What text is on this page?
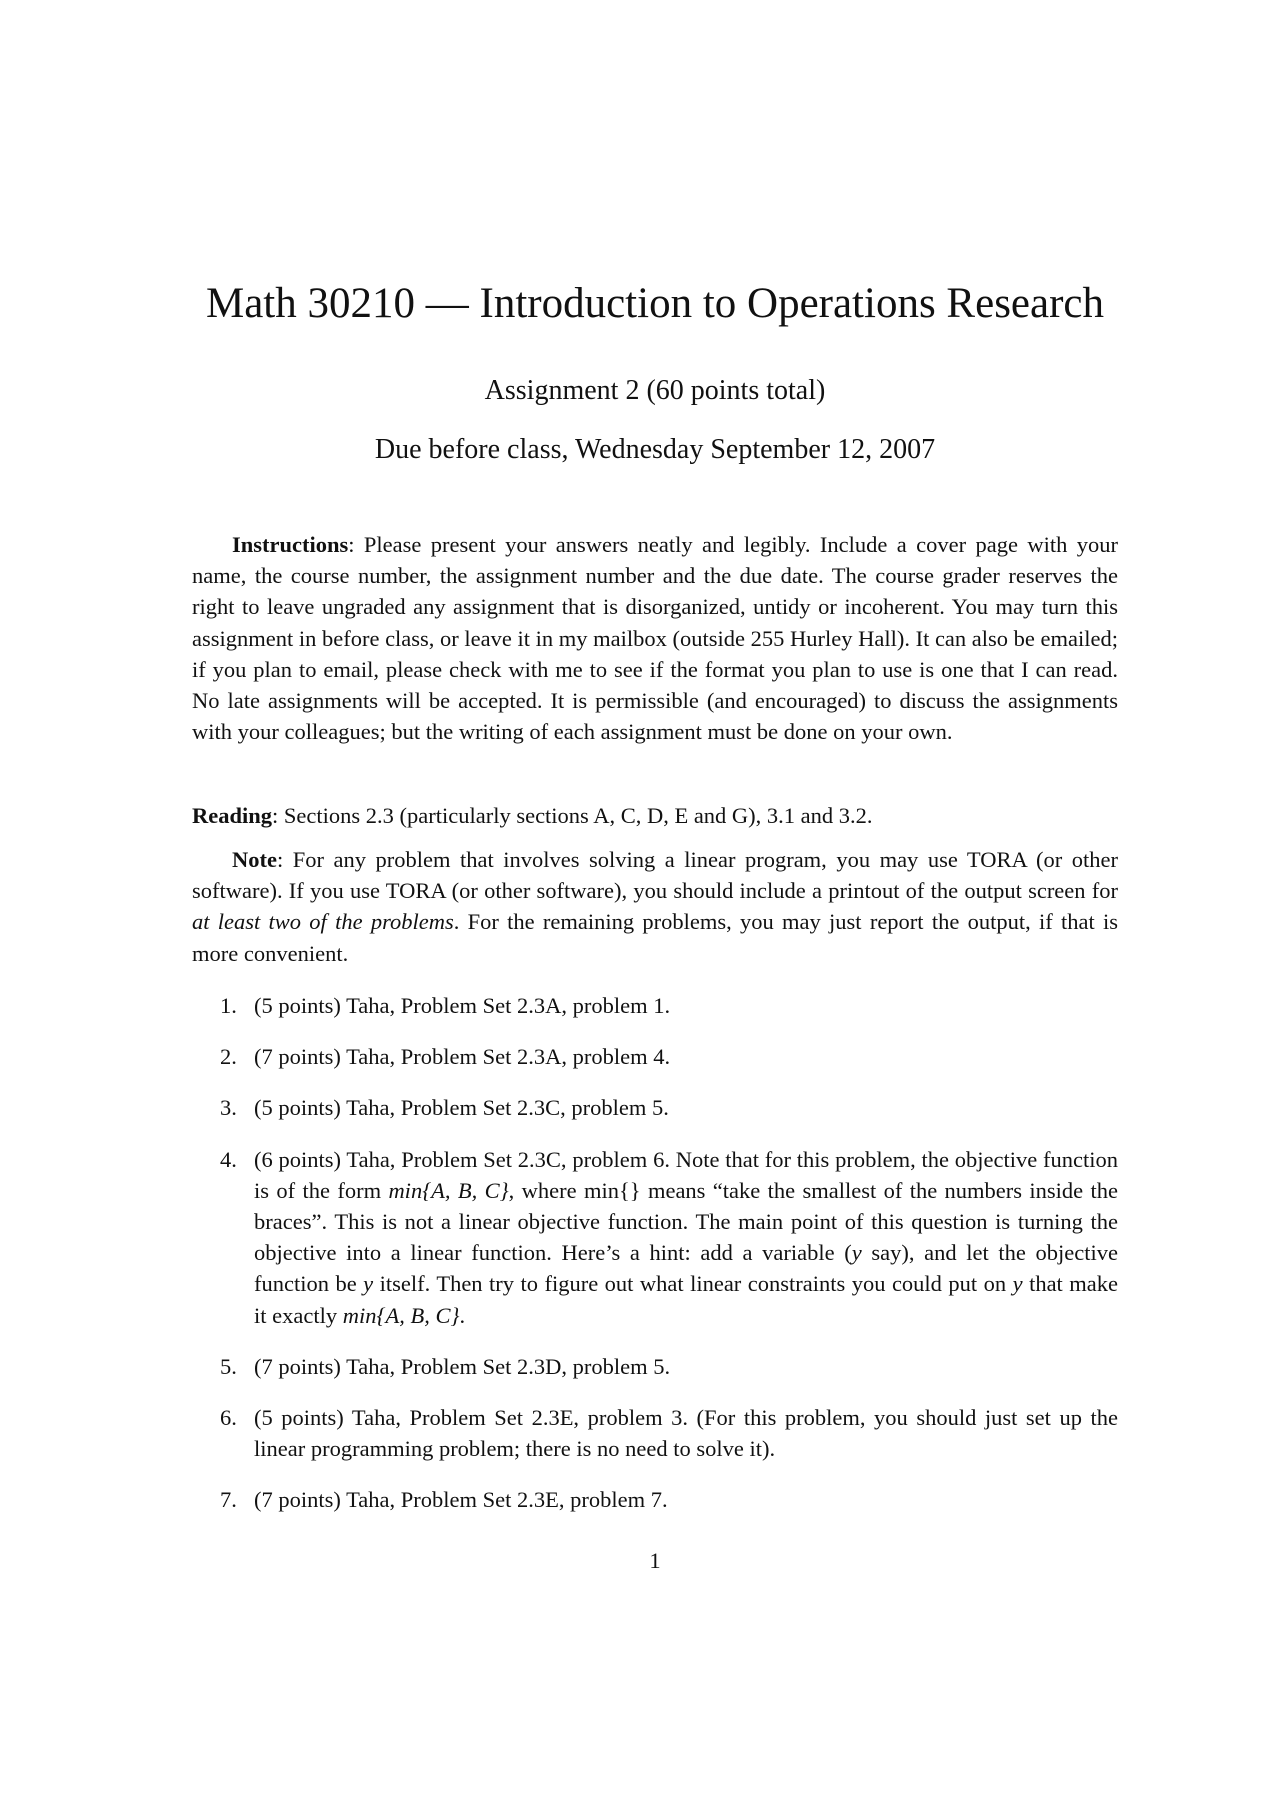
Math 30210 — Introduction to Operations Research
Assignment 2 (60 points total)
Due before class, Wednesday September 12, 2007
Instructions: Please present your answers neatly and legibly. Include a cover page with your name, the course number, the assignment number and the due date. The course grader reserves the right to leave ungraded any assignment that is disorganized, untidy or incoherent. You may turn this assignment in before class, or leave it in my mailbox (outside 255 Hurley Hall). It can also be emailed; if you plan to email, please check with me to see if the format you plan to use is one that I can read. No late assignments will be accepted. It is permissible (and encouraged) to discuss the assignments with your colleagues; but the writing of each assignment must be done on your own.
Reading: Sections 2.3 (particularly sections A, C, D, E and G), 3.1 and 3.2.
Note: For any problem that involves solving a linear program, you may use TORA (or other software). If you use TORA (or other software), you should include a printout of the output screen for at least two of the problems. For the remaining problems, you may just report the output, if that is more convenient.
1. (5 points) Taha, Problem Set 2.3A, problem 1.
2. (7 points) Taha, Problem Set 2.3A, problem 4.
3. (5 points) Taha, Problem Set 2.3C, problem 5.
4. (6 points) Taha, Problem Set 2.3C, problem 6. Note that for this problem, the objective function is of the form min{A, B, C}, where min{} means “take the smallest of the numbers inside the braces”. This is not a linear objective function. The main point of this question is turning the objective into a linear function. Here’s a hint: add a variable (y say), and let the objective function be y itself. Then try to figure out what linear constraints you could put on y that make it exactly min{A, B, C}.
5. (7 points) Taha, Problem Set 2.3D, problem 5.
6. (5 points) Taha, Problem Set 2.3E, problem 3. (For this problem, you should just set up the linear programming problem; there is no need to solve it).
7. (7 points) Taha, Problem Set 2.3E, problem 7.
1
